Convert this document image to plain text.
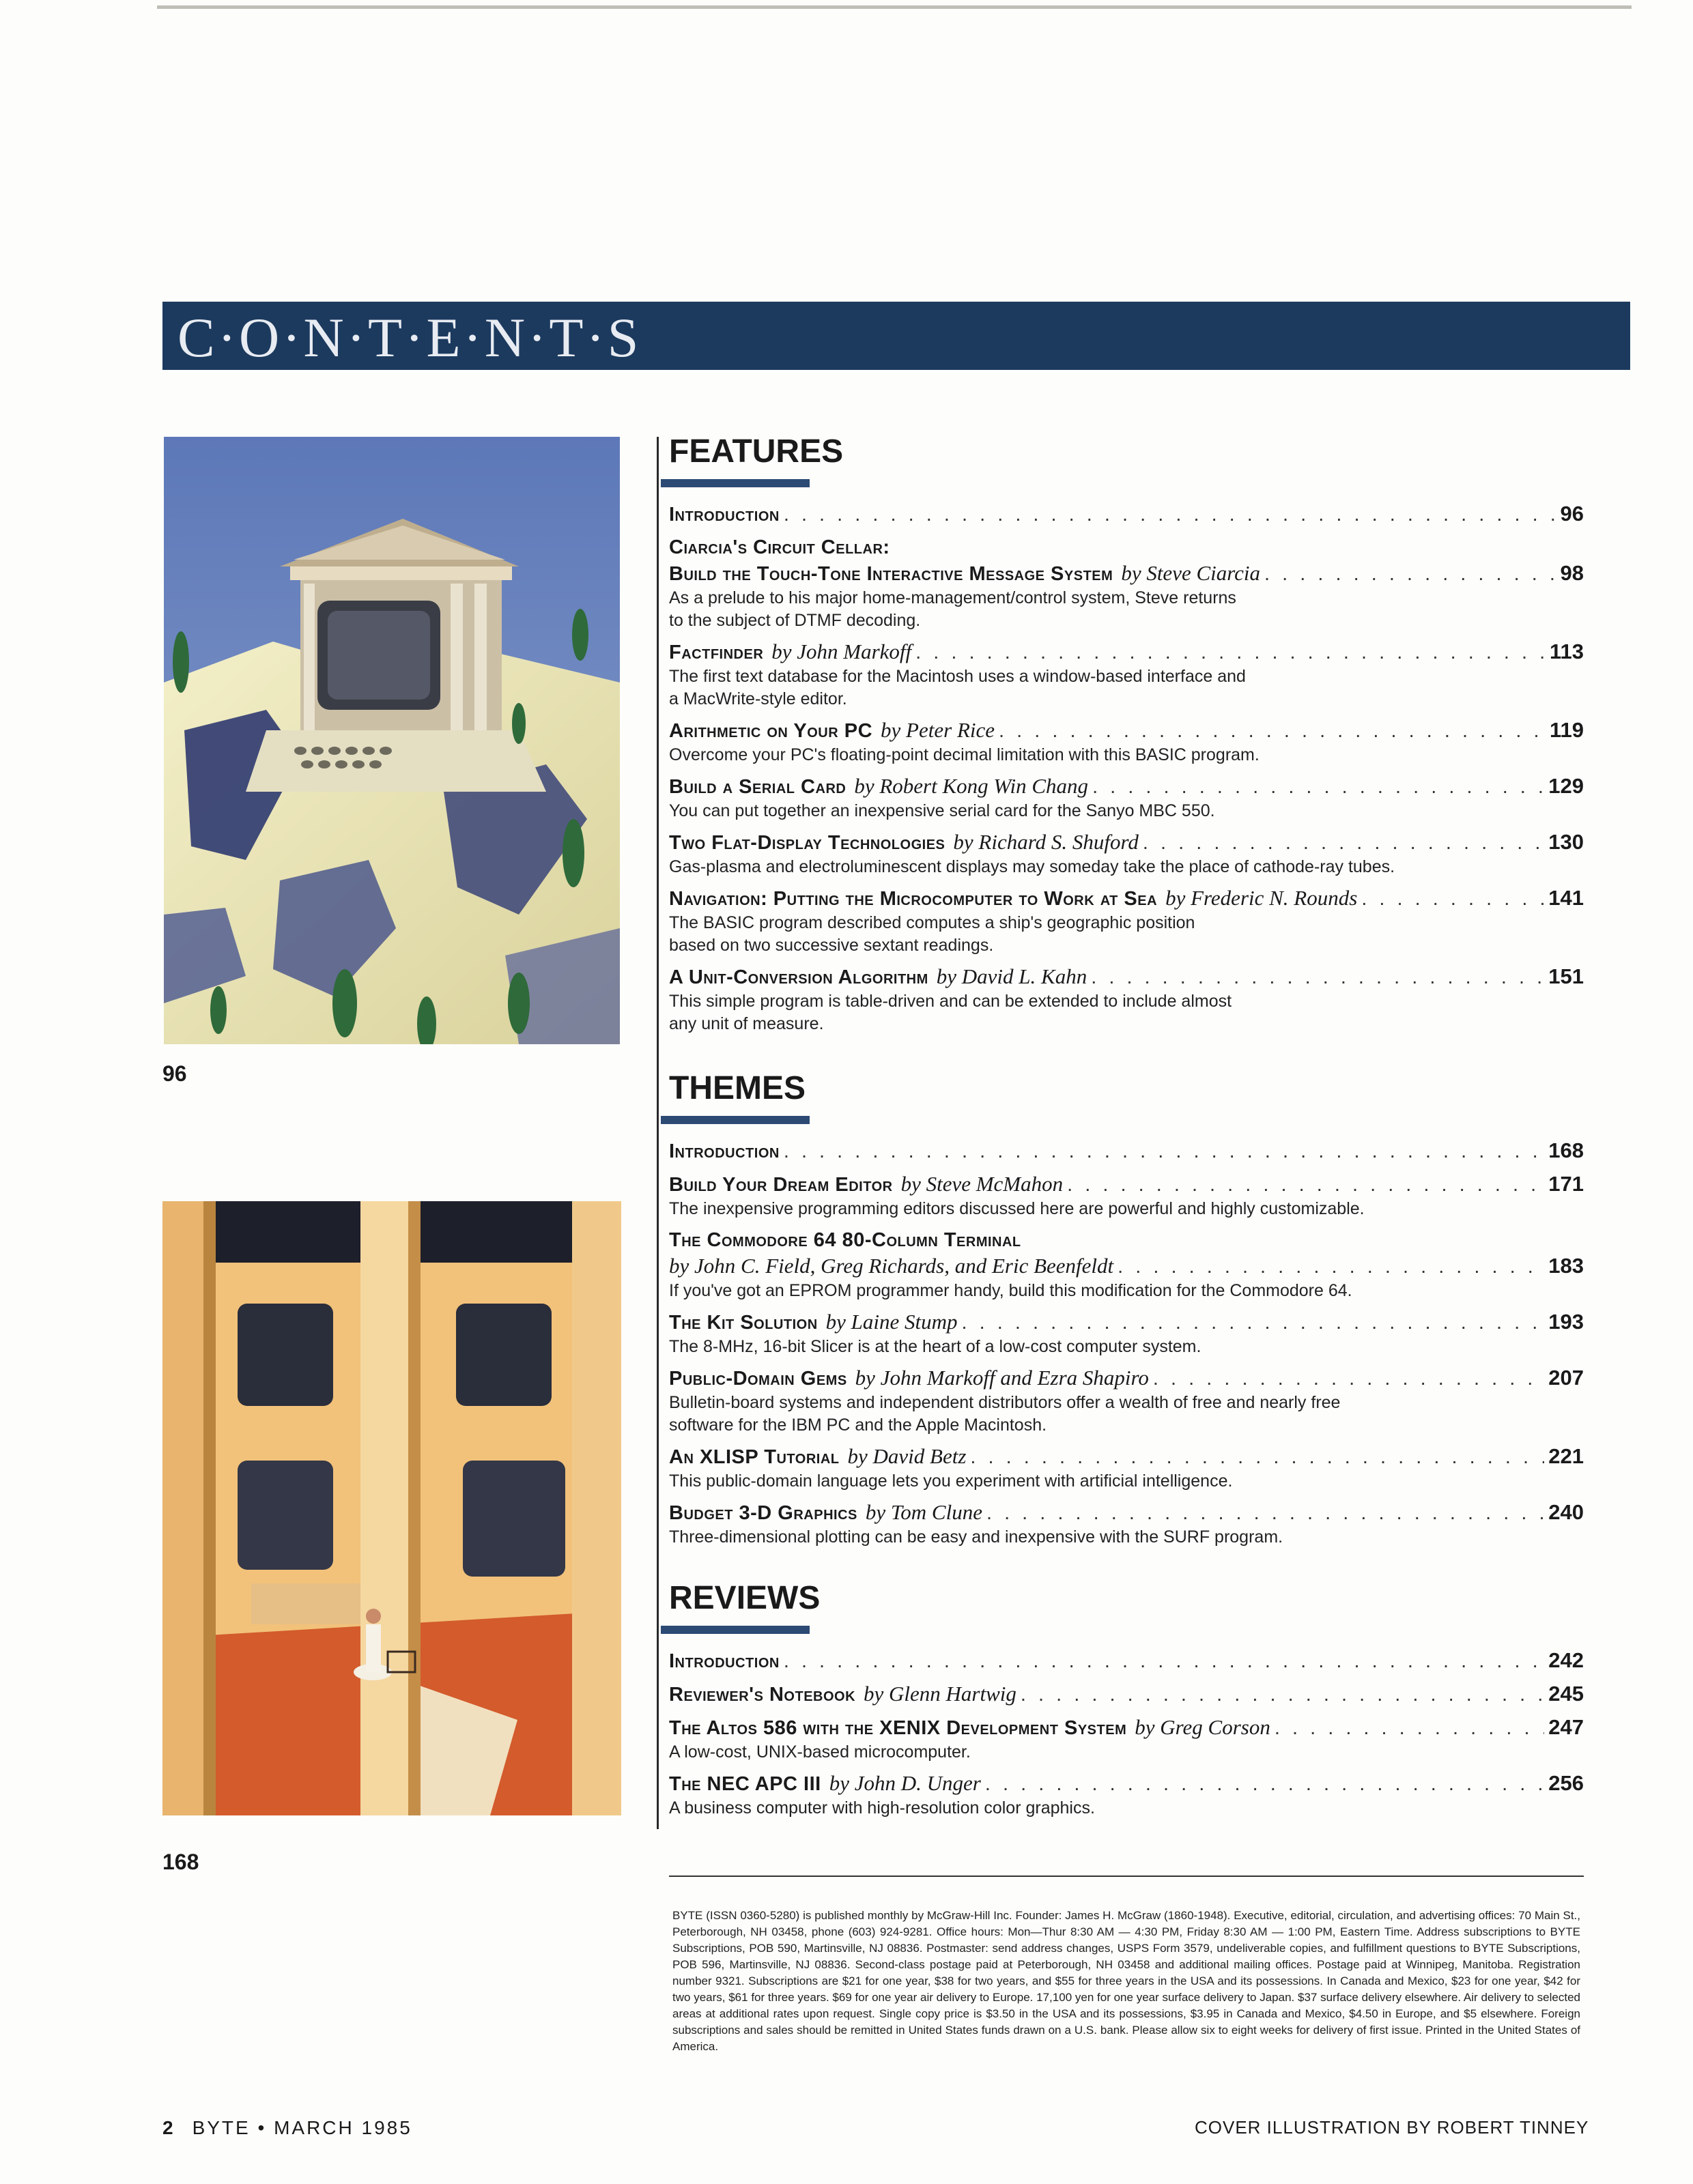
C·O·N·T·E·N·T·S
96
168
FEATURES
Introduction . . .	96
Ciarcia's Circuit Cellar:
Build the Touch-Tone Interactive Message System by Steve Ciarcia . . .	98
As a prelude to his major home-management/control system, Steve returns
to the subject of DTMF decoding.
Factfinder by John Markoff . . .	113
The first text database for the Macintosh uses a window-based interface and
a MacWrite-style editor.
Arithmetic on Your PC by Peter Rice . . .	119
Overcome your PC's floating-point decimal limitation with this BASIC program.
Build a Serial Card by Robert Kong Win Chang . . .	129
You can put together an inexpensive serial card for the Sanyo MBC 550.
Two Flat-Display Technologies by Richard S. Shuford . . .	130
Gas-plasma and electroluminescent displays may someday take the place of cathode-ray tubes.
Navigation: Putting the Microcomputer to Work at Sea by Frederic N. Rounds . . .	141
The BASIC program described computes a ship's geographic position
based on two successive sextant readings.
A Unit-Conversion Algorithm by David L. Kahn . . .	151
This simple program is table-driven and can be extended to include almost
any unit of measure.
THEMES
Introduction . . .	168
Build Your Dream Editor by Steve McMahon . . .	171
The inexpensive programming editors discussed here are powerful and highly customizable.
The Commodore 64 80-Column Terminal
by John C. Field, Greg Richards, and Eric Beenfeldt . . .	183
If you've got an EPROM programmer handy, build this modification for the Commodore 64.
The Kit Solution by Laine Stump . . .	193
The 8-MHz, 16-bit Slicer is at the heart of a low-cost computer system.
Public-Domain Gems by John Markoff and Ezra Shapiro . . .	207
Bulletin-board systems and independent distributors offer a wealth of free and nearly free
software for the IBM PC and the Apple Macintosh.
An XLISP Tutorial by David Betz . . .	221
This public-domain language lets you experiment with artificial intelligence.
Budget 3-D Graphics by Tom Clune . . .	240
Three-dimensional plotting can be easy and inexpensive with the SURF program.
REVIEWS
Introduction . . .	242
Reviewer's Notebook by Glenn Hartwig . . .	245
The Altos 586 with the XENIX Development System by Greg Corson . . .	247
A low-cost, UNIX-based microcomputer.
The NEC APC III by John D. Unger . . .	256
A business computer with high-resolution color graphics.
BYTE (ISSN 0360-5280) is published monthly by McGraw-Hill Inc. Founder: James H. McGraw (1860-1948). Executive, editorial, circulation, and advertising offices: 70 Main St., Peterborough, NH 03458, phone (603) 924-9281. Office hours: Mon—Thur 8:30 AM — 4:30 PM, Friday 8:30 AM — 1:00 PM, Eastern Time. Address subscriptions to BYTE Subscriptions, POB 590, Martinsville, NJ 08836. Postmaster: send address changes, USPS Form 3579, undeliverable copies, and fulfillment questions to BYTE Subscriptions, POB 596, Martinsville, NJ 08836. Second-class postage paid at Peterborough, NH 03458 and additional mailing offices. Postage paid at Winnipeg, Manitoba. Registration number 9321. Subscriptions are $21 for one year, $38 for two years, and $55 for three years in the USA and its possessions. In Canada and Mexico, $23 for one year, $42 for two years, $61 for three years. $69 for one year air delivery to Europe. 17,100 yen for one year surface delivery to Japan. $37 surface delivery elsewhere. Air delivery to selected areas at additional rates upon request. Single copy price is $3.50 in the USA and its possessions, $3.95 in Canada and Mexico, $4.50 in Europe, and $5 elsewhere. Foreign subscriptions and sales should be remitted in United States funds drawn on a U.S. bank. Please allow six to eight weeks for delivery of first issue. Printed in the United States of America.
2 BYTE • MARCH 1985	COVER ILLUSTRATION BY ROBERT TINNEY
